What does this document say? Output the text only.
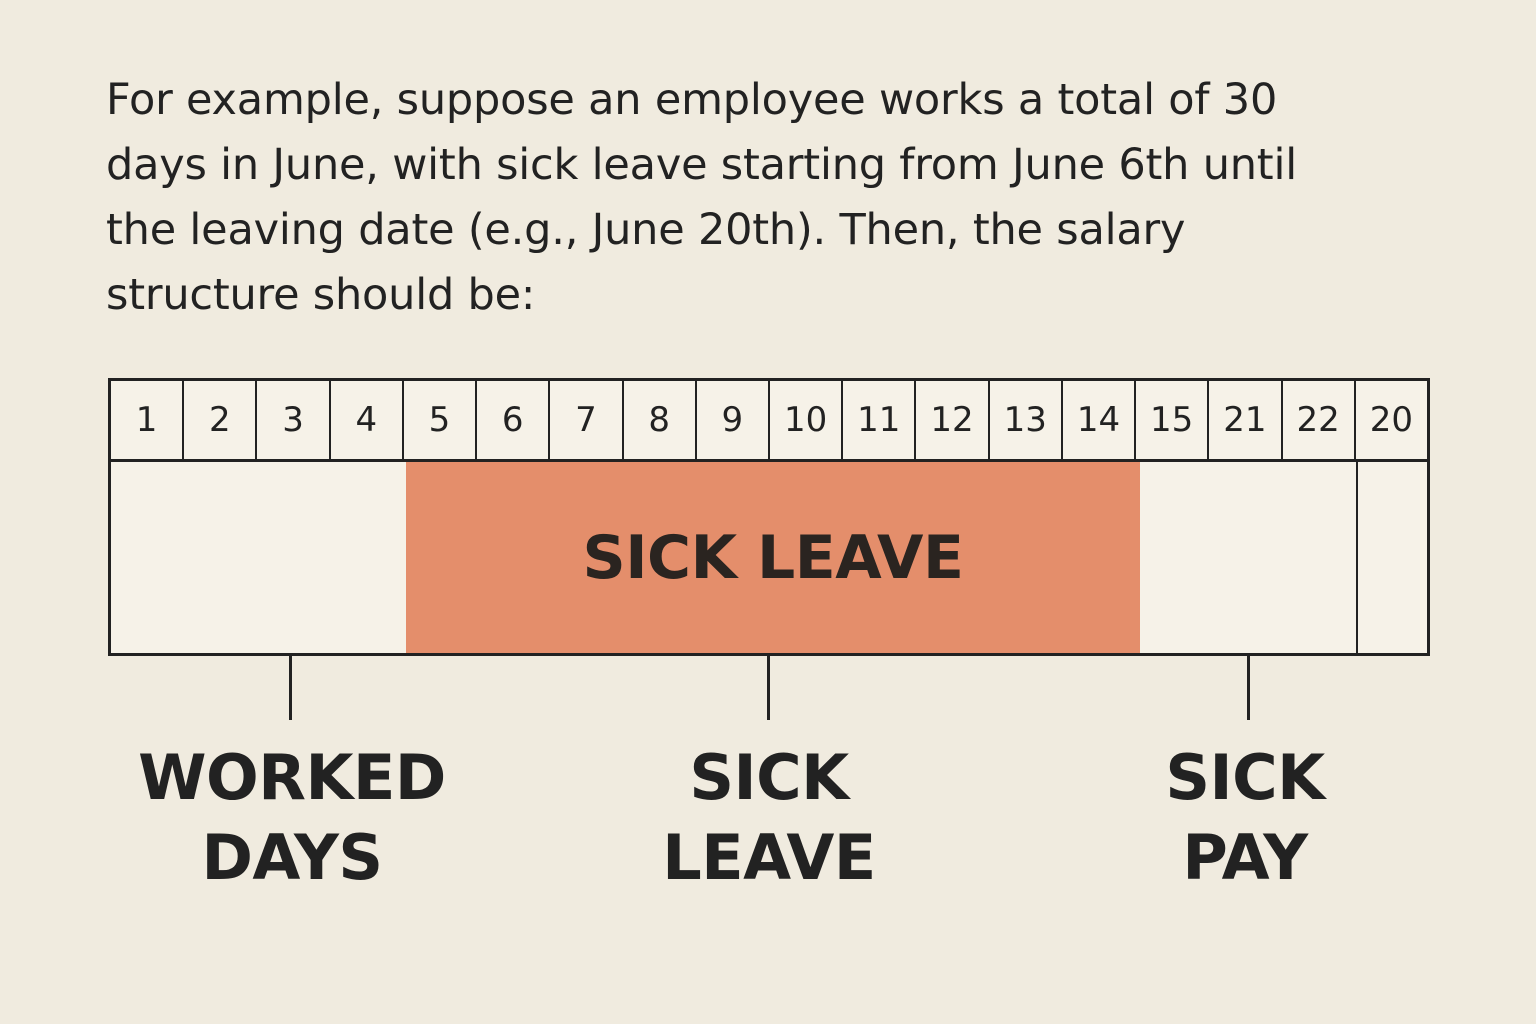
For example, suppose an employee works a total of 30
days in June, with sick leave starting from June 6th until
the leaving date (e.g., June 20th). Then, the salary
structure should be:

1	2	3	4	5	6	7	8	9	10 11 12 13 14 15 21 22 20
SICK LEAVE
WORKED
DAYS
SICK
LEAVE
SICK
PAY
